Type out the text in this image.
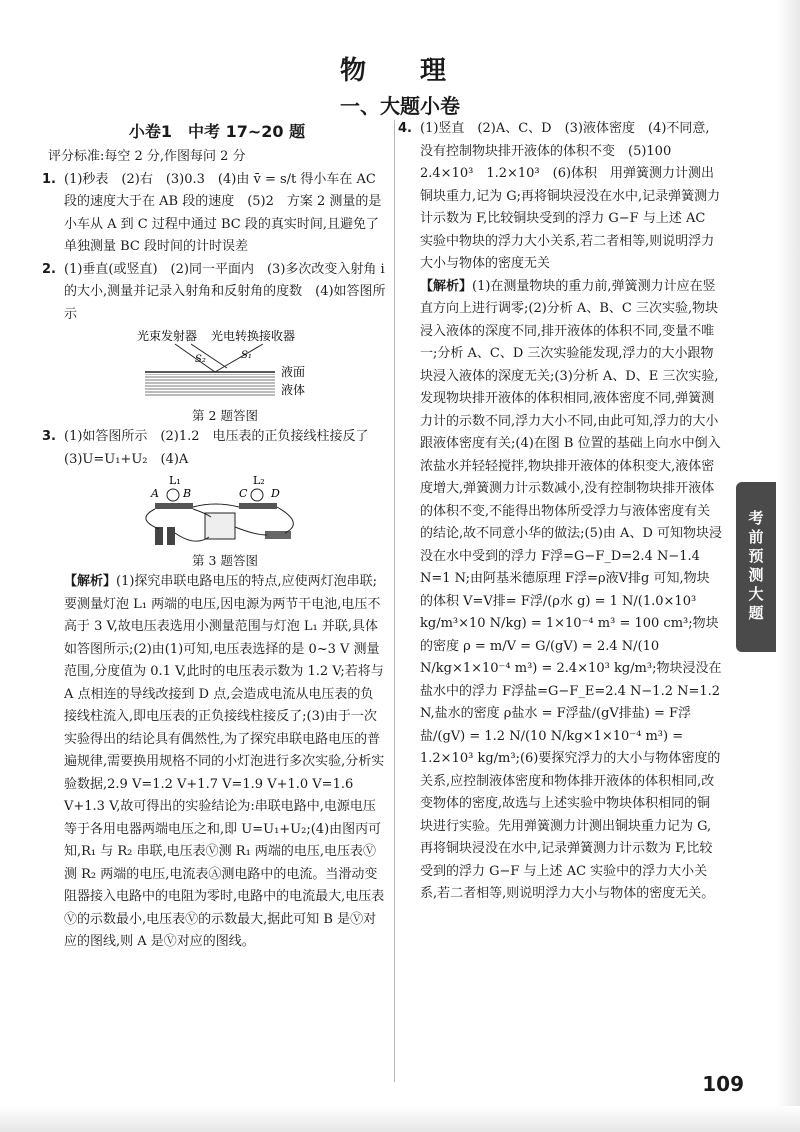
物　理
一、大题小卷
小卷1　中考 17~20 题

评分标准:每空 2 分,作图每问 2 分

1. (1)秒表　(2)右　(3)0.3　(4)由 v̄ = s/t 得小车在 AC 段的速度大于在 AB 段的速度　(5)2　方案 2 测量的是小车从 A 到 C 过程中通过 BC 段的真实时间,且避免了单独测量 BC 段时间的计时误差
2. (1)垂直(或竖直)　(2)同一平面内　(3)多次改变入射角 i 的大小,测量并记录入射角和反射角的度数　(4)如答图所示
光束发射器 光电转换接收器
S₂	S₁
液面
液体
第 2 题答图
3. (1)如答图所示　(2)1.2　电压表的正负接线柱接反了　(3)U=U₁+U₂　(4)A
L₁	L₂
A B	C D
第 3 题答图

【解析】(1)探究串联电路电压的特点,应使两灯泡串联;要测量灯泡 L₁ 两端的电压,因电源为两节干电池,电压不高于 3 V,故电压表选用小测量范围与灯泡 L₁ 并联,具体如答图所示;(2)由(1)可知,电压表选择的是 0~3 V 测量范围,分度值为 0.1 V,此时的电压表示数为 1.2 V;若将与 A 点相连的导线改接到 D 点,会造成电流从电压表的负接线柱流入,即电压表的正负接线柱接反了;(3)由于一次实验得出的结论具有偶然性,为了探究串联电路电压的普遍规律,需要换用规格不同的小灯泡进行多次实验,分析实验数据,2.9 V=1.2 V+1.7 V=1.9 V+1.0 V=1.6 V+1.3 V,故可得出的实验结论为:串联电路中,电源电压等于各用电器两端电压之和,即 U=U₁+U₂;(4)由图丙可知,R₁ 与 R₂ 串联,电压表Ⓥ测 R₁ 两端的电压,电压表Ⓥ测 R₂ 两端的电压,电流表Ⓐ测电路中的电流。当滑动变阻器接入电路中的电阻为零时,电路中的电流最大,电压表Ⓥ的示数最小,电压表Ⓥ的示数最大,据此可知 B 是Ⓥ对应的图线,则 A 是Ⓥ对应的图线。

4. (1)竖直　(2)A、C、D　(3)液体密度　(4)不同意,没有控制物块排开液体的体积不变　(5)100　2.4×10³　1.2×10³　(6)体积　用弹簧测力计测出铜块重力,记为 G;再将铜块浸没在水中,记录弹簧测力计示数为 F,比较铜块受到的浮力 G−F 与上述 AC 实验中物块的浮力大小关系,若二者相等,则说明浮力大小与物体的密度无关

【解析】(1)在测量物块的重力前,弹簧测力计应在竖直方向上进行调零;(2)分析 A、B、C 三次实验,物块浸入液体的深度不同,排开液体的体积不同,变量不唯一;分析 A、C、D 三次实验能发现,浮力的大小跟物块浸入液体的深度无关;(3)分析 A、D、E 三次实验,发现物块排开液体的体积相同,液体密度不同,弹簧测力计的示数不同,浮力大小不同,由此可知,浮力的大小跟液体密度有关;(4)在图 B 位置的基础上向水中倒入浓盐水并轻轻搅拌,物块排开液体的体积变大,液体密度增大,弹簧测力计示数减小,没有控制物块排开液体的体积不变,不能得出物体所受浮力与液体密度有关的结论,故不同意小华的做法;(5)由 A、D 可知物块浸没在水中受到的浮力 F浮=G−F_D=2.4 N−1.4 N=1 N;由阿基米德原理 F浮=ρ液V排g 可知,物块的体积 V=V排= F浮/(ρ水 g) = 1 N/(1.0×10³ kg/m³×10 N/kg) = 1×10⁻⁴ m³ = 100 cm³;物块的密度 ρ = m/V = G/(gV) = 2.4 N/(10 N/kg×1×10⁻⁴ m³) = 2.4×10³ kg/m³;物块浸没在盐水中的浮力 F浮盐=G−F_E=2.4 N−1.2 N=1.2 N,盐水的密度 ρ盐水 = F浮盐/(gV排盐) = F浮盐/(gV) = 1.2 N/(10 N/kg×1×10⁻⁴ m³) = 1.2×10³ kg/m³;(6)要探究浮力的大小与物体密度的关系,应控制液体密度和物体排开液体的体积相同,改变物体的密度,故选与上述实验中物块体积相同的铜块进行实验。先用弹簧测力计测出铜块重力记为 G,再将铜块浸没在水中,记录弹簧测力计示数为 F,比较受到的浮力 G−F 与上述 AC 实验中的浮力大小关系,若二者相等,则说明浮力大小与物体的密度无关。

考前预测大题
109
